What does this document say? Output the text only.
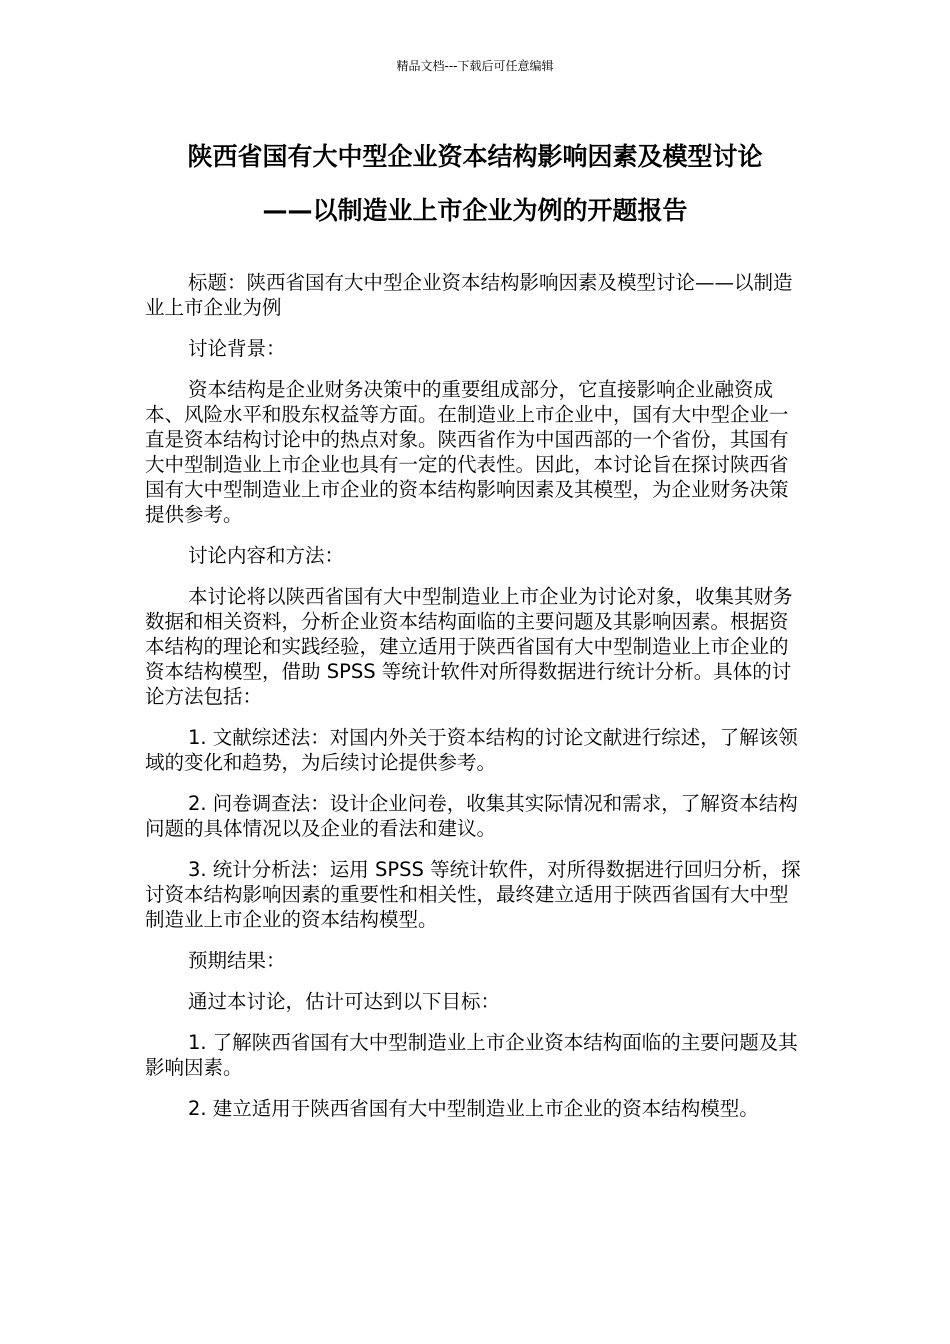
精品文档---下载后可任意编辑
陕西省国有大中型企业资本结构影响因素及模型讨论
——以制造业上市企业为例的开题报告

标题：陕西省国有大中型企业资本结构影响因素及模型讨论——以制造业上市企业为例

讨论背景：

资本结构是企业财务决策中的重要组成部分，它直接影响企业融资成本、风险水平和股东权益等方面。在制造业上市企业中，国有大中型企业一直是资本结构讨论中的热点对象。陕西省作为中国西部的一个省份，其国有大中型制造业上市企业也具有一定的代表性。因此，本讨论旨在探讨陕西省国有大中型制造业上市企业的资本结构影响因素及其模型，为企业财务决策提供参考。

讨论内容和方法：

本讨论将以陕西省国有大中型制造业上市企业为讨论对象，收集其财务数据和相关资料，分析企业资本结构面临的主要问题及其影响因素。根据资本结构的理论和实践经验，建立适用于陕西省国有大中型制造业上市企业的资本结构模型，借助 SPSS 等统计软件对所得数据进行统计分析。具体的讨论方法包括：

1. 文献综述法：对国内外关于资本结构的讨论文献进行综述，了解该领域的变化和趋势，为后续讨论提供参考。

2. 问卷调查法：设计企业问卷，收集其实际情况和需求，了解资本结构问题的具体情况以及企业的看法和建议。

3. 统计分析法：运用 SPSS 等统计软件，对所得数据进行回归分析，探讨资本结构影响因素的重要性和相关性，最终建立适用于陕西省国有大中型制造业上市企业的资本结构模型。

预期结果：

通过本讨论，估计可达到以下目标：

1. 了解陕西省国有大中型制造业上市企业资本结构面临的主要问题及其影响因素。

2. 建立适用于陕西省国有大中型制造业上市企业的资本结构模型。
